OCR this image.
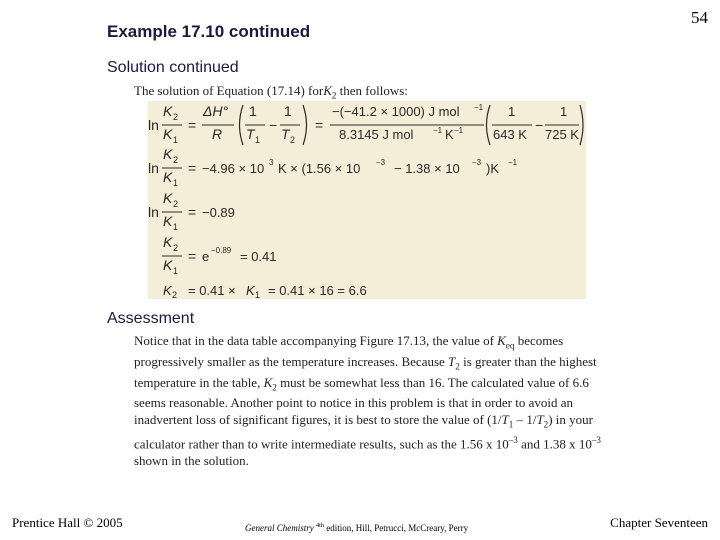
54
Example 17.10 continued
Solution continued
The solution of Equation (17.14) forK$_2$ then follows:
ln
K 2
K 1
=
ΔH°
R
1
T 1
−
1
T 2
=
−(−41.2 × 1000) J mol −1
8.3145 J mol −1 K −1
1
643 K
−
1
725 K
ln
K 2
K 1
= −4.96 × 10 3 K × (1.56 × 10 −3 − 1.38 × 10 −3 )K −1
ln
K 2
K 1
= −0.89
K 2
K 1
= e −0.89 = 0.41
K 2 = 0.41 × K 1 = 0.41 × 16 = 6.6
Assessment
Notice that in the data table accompanying Figure 17.13, the value of $K_{eq}$ becomes progressively smaller as the temperature increases. Because $T_2$ is greater than the highest temperature in the table, $K_2$ must be somewhat less than 16. The calculated value of 6.6 seems reasonable. Another point to notice in this problem is that in order to avoid an inadvertent loss of significant figures, it is best to store the value of $(1/T_1 - 1/T_2)$ in your calculator rather than to write intermediate results, such as the 1.56 x $10^{-3}$ and 1.38 x $10^{-3}$ shown in the solution.
Prentice Hall © 2005	General Chemistry $^{4th}$ edition, Hill, Petrucci, McCreary, Perry	Chapter Seventeen
